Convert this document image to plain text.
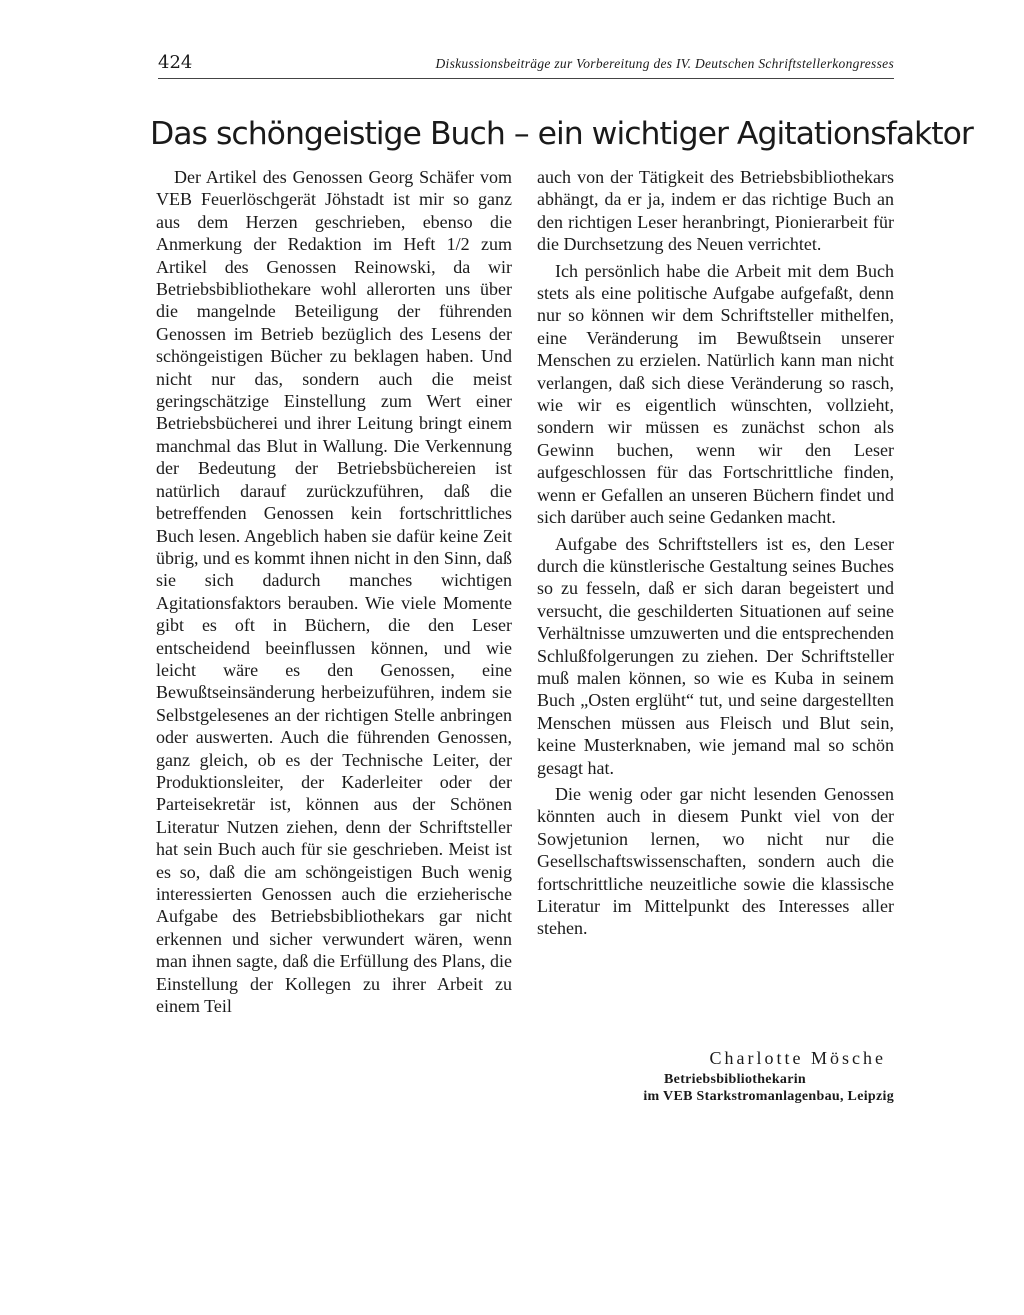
424	Diskussionsbeiträge zur Vorbereitung des IV. Deutschen Schriftstellerkongresses
Das schöngeistige Buch – ein wichtiger Agitationsfaktor

Der Artikel des Genossen Georg Schäfer vom VEB Feuerlöschgerät Jöhstadt ist mir so ganz aus dem Herzen geschrieben, ebenso die Anmerkung der Redaktion im Heft 1/2 zum Artikel des Genossen Reinowski, da wir Betriebsbibliothekare wohl allerorten uns über die mangelnde Beteiligung der führenden Genossen im Betrieb bezüglich des Lesens der schöngeistigen Bücher zu beklagen haben. Und nicht nur das, sondern auch die meist geringschätzige Einstellung zum Wert einer Betriebsbücherei und ihrer Leitung bringt einem manchmal das Blut in Wallung. Die Verkennung der Bedeutung der Betriebsbüchereien ist natürlich darauf zurückzuführen, daß die betreffenden Genossen kein fortschrittliches Buch lesen. Angeblich haben sie dafür keine Zeit übrig, und es kommt ihnen nicht in den Sinn, daß sie sich dadurch manches wichtigen Agitationsfaktors berauben. Wie viele Momente gibt es oft in Büchern, die den Leser entscheidend beeinflussen können, und wie leicht wäre es den Genossen, eine Bewußtseinsänderung herbeizuführen, indem sie Selbstgelesenes an der richtigen Stelle anbringen oder auswerten. Auch die führenden Genossen, ganz gleich, ob es der Technische Leiter, der Produktionsleiter, der Kaderleiter oder der Parteisekretär ist, können aus der Schönen Literatur Nutzen ziehen, denn der Schriftsteller hat sein Buch auch für sie geschrieben. Meist ist es so, daß die am schöngeistigen Buch wenig interessierten Genossen auch die erzieherische Aufgabe des Betriebsbibliothekars gar nicht erkennen und sicher verwundert wären, wenn man ihnen sagte, daß die Erfüllung des Plans, die Einstellung der Kollegen zu ihrer Arbeit zu einem Teil

auch von der Tätigkeit des Betriebsbibliothekars abhängt, da er ja, indem er das richtige Buch an den richtigen Leser heranbringt, Pionierarbeit für die Durchsetzung des Neuen verrichtet.

Ich persönlich habe die Arbeit mit dem Buch stets als eine politische Aufgabe aufgefaßt, denn nur so können wir dem Schriftsteller mithelfen, eine Veränderung im Bewußtsein unserer Menschen zu erzielen. Natürlich kann man nicht verlangen, daß sich diese Veränderung so rasch, wie wir es eigentlich wünschten, vollzieht, sondern wir müssen es zunächst schon als Gewinn buchen, wenn wir den Leser aufgeschlossen für das Fortschrittliche finden, wenn er Gefallen an unseren Büchern findet und sich darüber auch seine Gedanken macht.

Aufgabe des Schriftstellers ist es, den Leser durch die künstlerische Gestaltung seines Buches so zu fesseln, daß er sich daran begeistert und versucht, die geschilderten Situationen auf seine Verhältnisse umzuwerten und die entsprechenden Schlußfolgerungen zu ziehen. Der Schriftsteller muß malen können, so wie es Kuba in seinem Buch „Osten erglüht“ tut, und seine dargestellten Menschen müssen aus Fleisch und Blut sein, keine Musterknaben, wie jemand mal so schön gesagt hat.

Die wenig oder gar nicht lesenden Genossen könnten auch in diesem Punkt viel von der Sowjetunion lernen, wo nicht nur die Gesellschaftswissenschaften, sondern auch die fortschrittliche neuzeitliche sowie die klassische Literatur im Mittelpunkt des Interesses aller stehen.

Charlotte Mösche
Betriebsbibliothekarin
im VEB Starkstromanlagenbau, Leipzig
